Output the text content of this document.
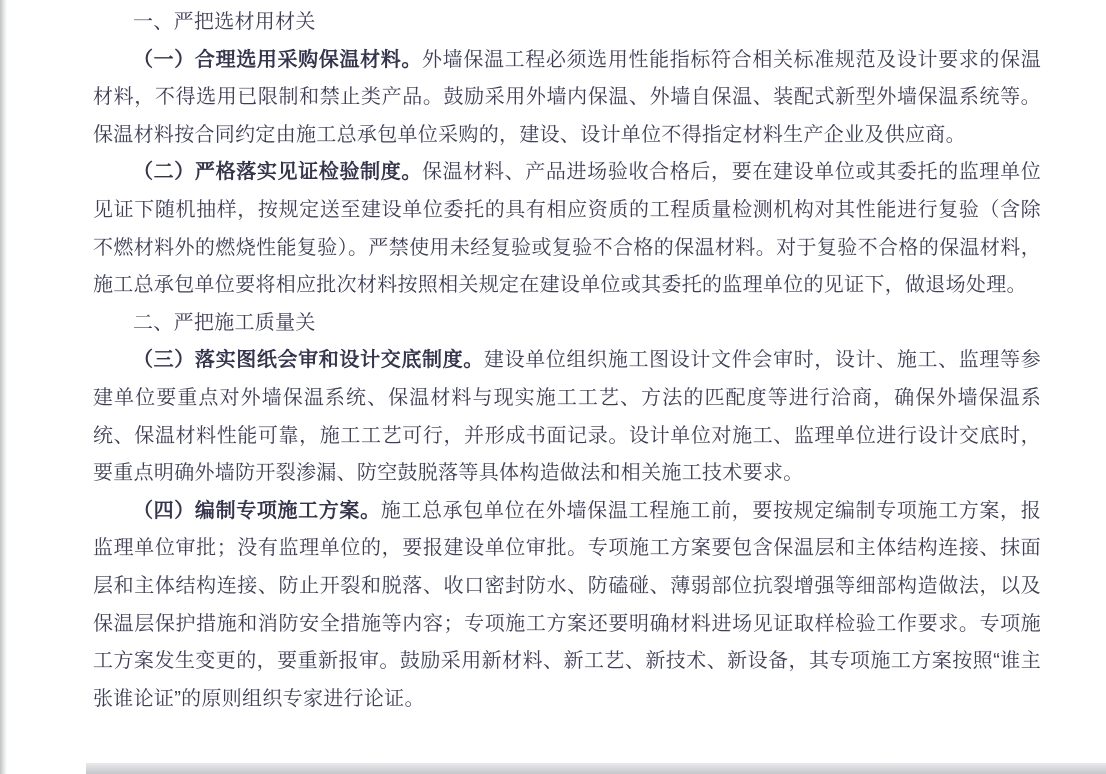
一、严把选材用材关

（一）合理选用采购保温材料。外墙保温工程必须选用性能指标符合相关标准规范及设计要求的保温材料，不得选用已限制和禁止类产品。鼓励采用外墙内保温、外墙自保温、装配式新型外墙保温系统等。保温材料按合同约定由施工总承包单位采购的，建设、设计单位不得指定材料生产企业及供应商。

（二）严格落实见证检验制度。保温材料、产品进场验收合格后，要在建设单位或其委托的监理单位见证下随机抽样，按规定送至建设单位委托的具有相应资质的工程质量检测机构对其性能进行复验（含除不燃材料外的燃烧性能复验）。严禁使用未经复验或复验不合格的保温材料。对于复验不合格的保温材料，施工总承包单位要将相应批次材料按照相关规定在建设单位或其委托的监理单位的见证下，做退场处理。

二、严把施工质量关

（三）落实图纸会审和设计交底制度。建设单位组织施工图设计文件会审时，设计、施工、监理等参建单位要重点对外墙保温系统、保温材料与现实施工工艺、方法的匹配度等进行洽商，确保外墙保温系统、保温材料性能可靠，施工工艺可行，并形成书面记录。设计单位对施工、监理单位进行设计交底时，要重点明确外墙防开裂渗漏、防空鼓脱落等具体构造做法和相关施工技术要求。

（四）编制专项施工方案。施工总承包单位在外墙保温工程施工前，要按规定编制专项施工方案，报监理单位审批；没有监理单位的，要报建设单位审批。专项施工方案要包含保温层和主体结构连接、抹面层和主体结构连接、防止开裂和脱落、收口密封防水、防磕碰、薄弱部位抗裂增强等细部构造做法，以及保温层保护措施和消防安全措施等内容；专项施工方案还要明确材料进场见证取样检验工作要求。专项施工方案发生变更的，要重新报审。鼓励采用新材料、新工艺、新技术、新设备，其专项施工方案按照“谁主张谁论证”的原则组织专家进行论证。
